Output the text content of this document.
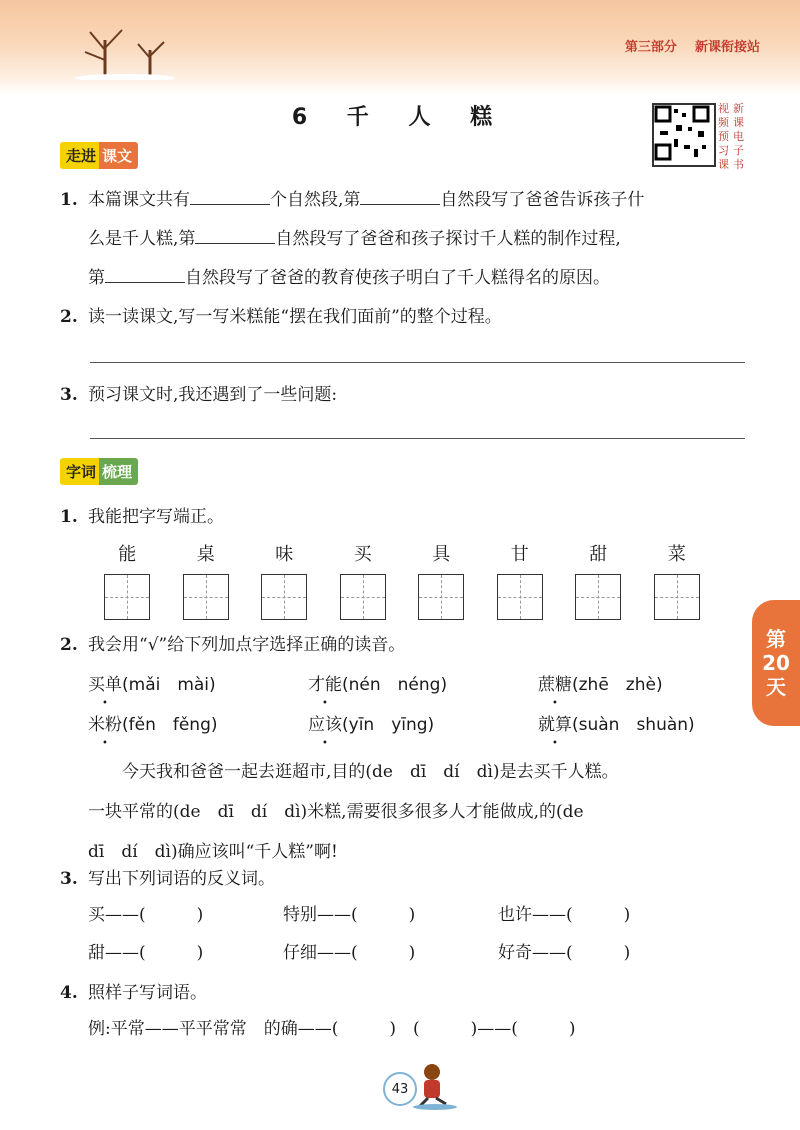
第三部分 新课衔接站
6 千 人 糕	视 新
频 课
预 电
习 子
课 书
走进 课文
1. 本篇课文共有	个自然段,第	自然段写了爸爸告诉孩子什
么是千人糕,第	自然段写了爸爸和孩子探讨千人糕的制作过程,
第	自然段写了爸爸的教育使孩子明白了千人糕得名的原因。
2. 读一读课文,写一写米糕能“摆在我们面前”的整个过程。
3. 预习课文时,我还遇到了一些问题:
字词 梳理
1. 我能把字写端正。
能	桌	味	买	具	甘	甜	菜
2. 我会用“√”给下列加点字选择正确的读音。
买单(mǎi　mài)	才能(nén　néng)	蔗糖(zhē　zhè)
米粉(fěn　fěng)	应该(yīn　yīng)	就算(suàn　shuàn)
今天我和爸爸一起去逛超市,目的(de　dī　dí　dì)是去买千人糕。
一块平常的(de　dī　dí　dì)米糕,需要很多很多人才能做成,的(de
dī　dí　dì)确应该叫“千人糕”啊!
3. 写出下列词语的反义词。
买——(　　　)	特别——(　　　)	也许——(　　　)
甜——(　　　)	仔细——(　　　)	好奇——(　　　)
4. 照样子写词语。
例:平常——平平常常　的确——(　　　)　(　　　)——(　　　)
第
20
天
43
